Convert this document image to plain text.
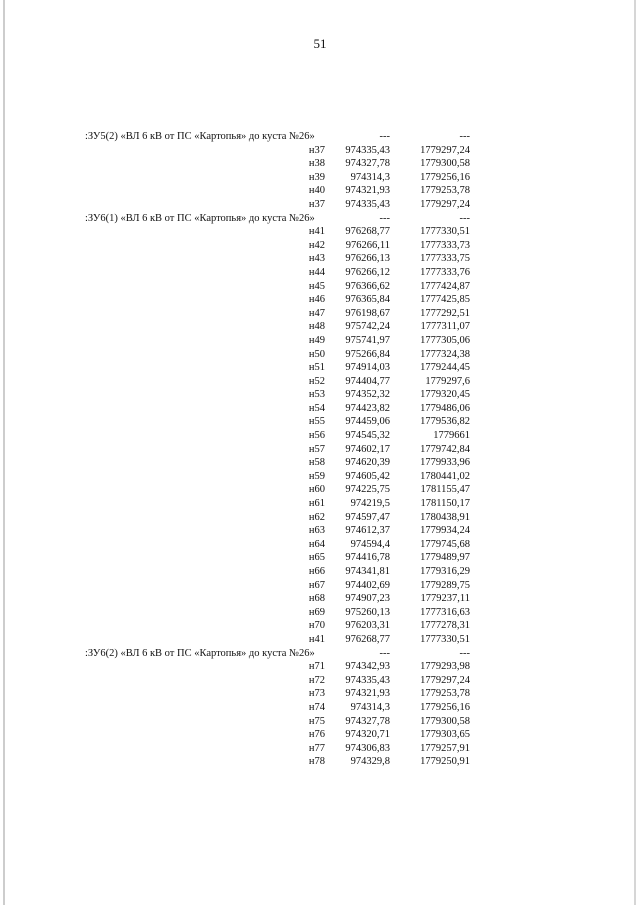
51
:ЗУ5(2) «ВЛ 6 кВ от ПС «Картопья» до куста №26»	---	---
н37	974335,43	1779297,24
н38	974327,78	1779300,58
н39	974314,3	1779256,16
н40	974321,93	1779253,78
н37	974335,43	1779297,24
:ЗУ6(1) «ВЛ 6 кВ от ПС «Картопья» до куста №26»	---	---
н41	976268,77	1777330,51
н42	976266,11	1777333,73
н43	976266,13	1777333,75
н44	976266,12	1777333,76
н45	976366,62	1777424,87
н46	976365,84	1777425,85
н47	976198,67	1777292,51
н48	975742,24	1777311,07
н49	975741,97	1777305,06
н50	975266,84	1777324,38
н51	974914,03	1779244,45
н52	974404,77	1779297,6
н53	974352,32	1779320,45
н54	974423,82	1779486,06
н55	974459,06	1779536,82
н56	974545,32	1779661
н57	974602,17	1779742,84
н58	974620,39	1779933,96
н59	974605,42	1780441,02
н60	974225,75	1781155,47
н61	974219,5	1781150,17
н62	974597,47	1780438,91
н63	974612,37	1779934,24
н64	974594,4	1779745,68
н65	974416,78	1779489,97
н66	974341,81	1779316,29
н67	974402,69	1779289,75
н68	974907,23	1779237,11
н69	975260,13	1777316,63
н70	976203,31	1777278,31
н41	976268,77	1777330,51
:ЗУ6(2) «ВЛ 6 кВ от ПС «Картопья» до куста №26»	---	---
н71	974342,93	1779293,98
н72	974335,43	1779297,24
н73	974321,93	1779253,78
н74	974314,3	1779256,16
н75	974327,78	1779300,58
н76	974320,71	1779303,65
н77	974306,83	1779257,91
н78	974329,8	1779250,91
